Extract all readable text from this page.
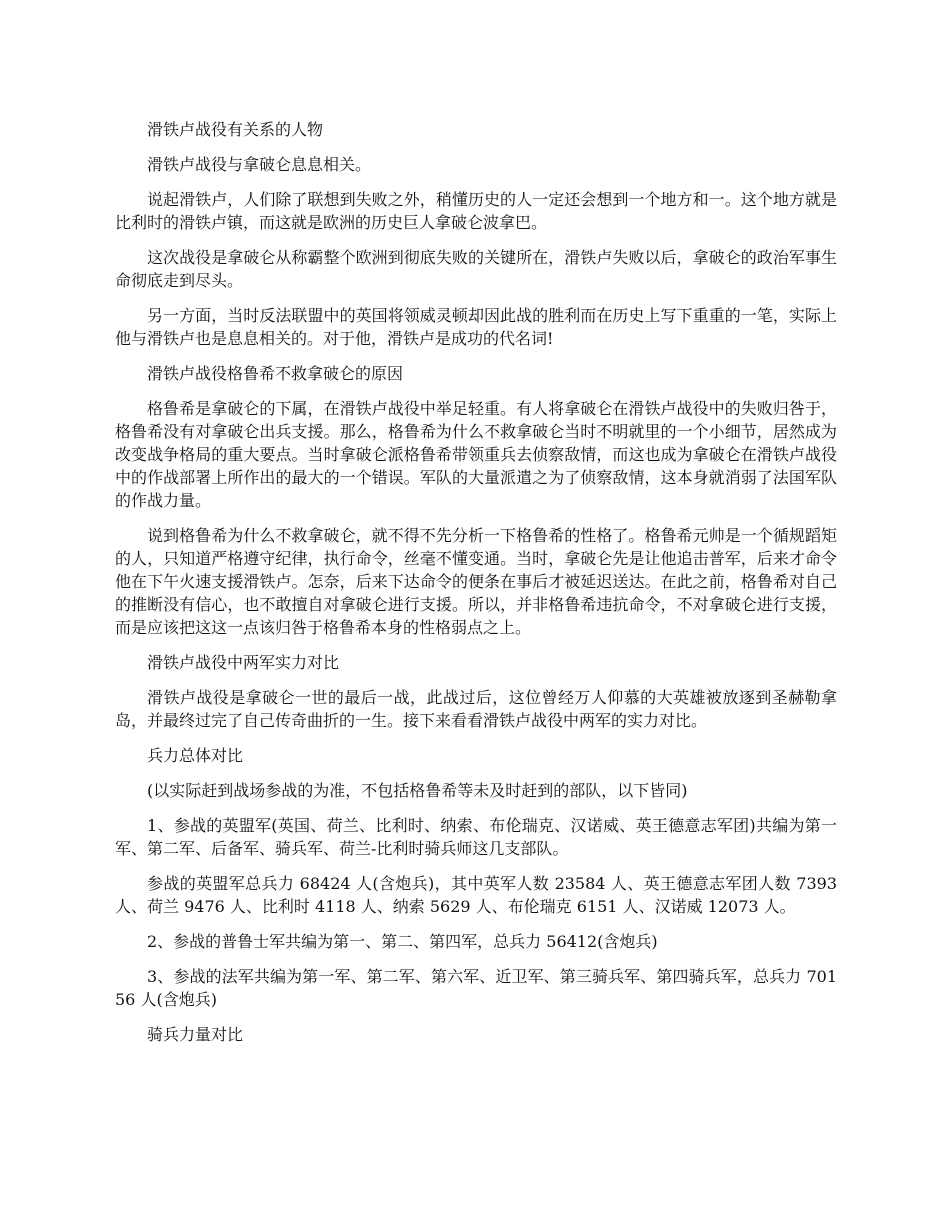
滑铁卢战役有关系的人物

滑铁卢战役与拿破仑息息相关。

说起滑铁卢，人们除了联想到失败之外，稍懂历史的人一定还会想到一个地方和一。这个地方就是比利时的滑铁卢镇，而这就是欧洲的历史巨人拿破仑波拿巴。

这次战役是拿破仑从称霸整个欧洲到彻底失败的关键所在，滑铁卢失败以后，拿破仑的政治军事生命彻底走到尽头。

另一方面，当时反法联盟中的英国将领威灵顿却因此战的胜利而在历史上写下重重的一笔，实际上他与滑铁卢也是息息相关的。对于他，滑铁卢是成功的代名词!

滑铁卢战役格鲁希不救拿破仑的原因

格鲁希是拿破仑的下属，在滑铁卢战役中举足轻重。有人将拿破仑在滑铁卢战役中的失败归咎于，格鲁希没有对拿破仑出兵支援。那么，格鲁希为什么不救拿破仑当时不明就里的一个小细节，居然成为改变战争格局的重大要点。当时拿破仑派格鲁希带领重兵去侦察敌情，而这也成为拿破仑在滑铁卢战役中的作战部署上所作出的最大的一个错误。军队的大量派遣之为了侦察敌情，这本身就消弱了法国军队的作战力量。

说到格鲁希为什么不救拿破仑，就不得不先分析一下格鲁希的性格了。格鲁希元帅是一个循规蹈矩的人，只知道严格遵守纪律，执行命令，丝毫不懂变通。当时，拿破仑先是让他追击普军，后来才命令他在下午火速支援滑铁卢。怎奈，后来下达命令的便条在事后才被延迟送达。在此之前，格鲁希对自己的推断没有信心，也不敢擅自对拿破仑进行支援。所以，并非格鲁希违抗命令，不对拿破仑进行支援，而是应该把这这一点该归咎于格鲁希本身的性格弱点之上。

滑铁卢战役中两军实力对比

滑铁卢战役是拿破仑一世的最后一战，此战过后，这位曾经万人仰慕的大英雄被放逐到圣赫勒拿岛，并最终过完了自己传奇曲折的一生。接下来看看滑铁卢战役中两军的实力对比。

兵力总体对比

(以实际赶到战场参战的为准，不包括格鲁希等未及时赶到的部队，以下皆同)

1、参战的英盟军(英国、荷兰、比利时、纳索、布伦瑞克、汉诺威、英王德意志军团)共编为第一军、第二军、后备军、骑兵军、荷兰-比利时骑兵师这几支部队。

参战的英盟军总兵力 68424 人(含炮兵)，其中英军人数 23584 人、英王德意志军团人数 7393 人、荷兰 9476 人、比利时 4118 人、纳索 5629 人、布伦瑞克 6151 人、汉诺威 12073 人。

2、参战的普鲁士军共编为第一、第二、第四军，总兵力 56412(含炮兵)

3、参战的法军共编为第一军、第二军、第六军、近卫军、第三骑兵军、第四骑兵军，总兵力 70156 人(含炮兵)

骑兵力量对比
